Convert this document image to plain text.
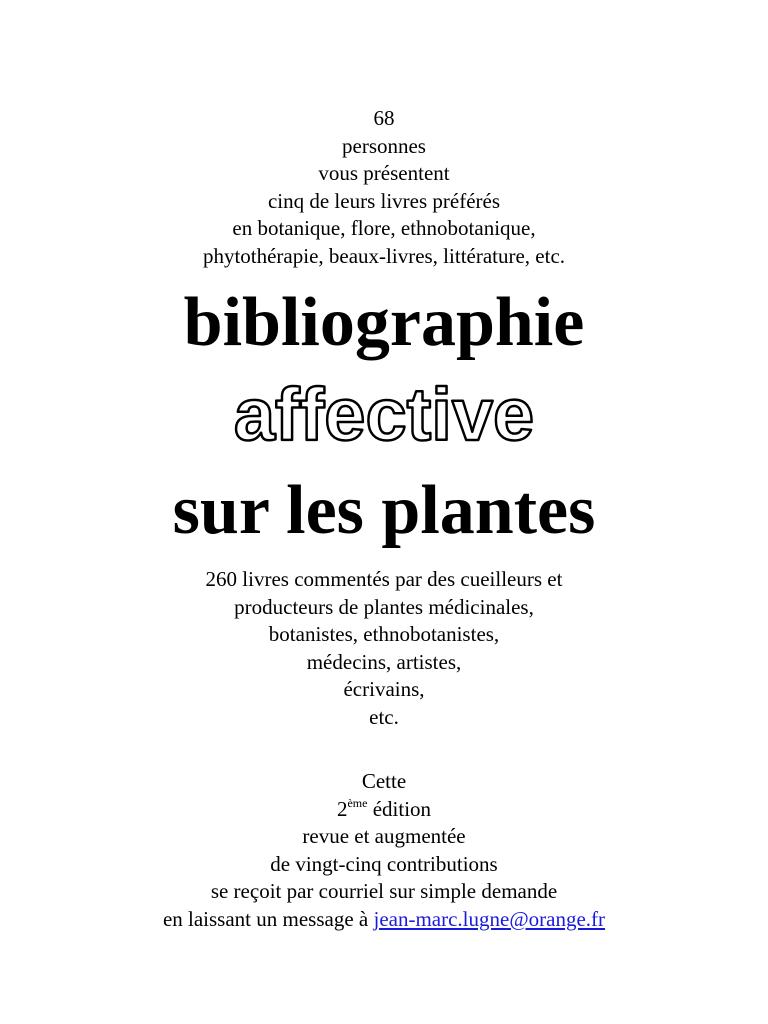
68
personnes
vous présentent
cinq de leurs livres préférés
en botanique, flore, ethnobotanique,
phytothérapie, beaux-livres, littérature, etc.
bibliographie
affective
sur les plantes
260 livres commentés par des cueilleurs et
producteurs de plantes médicinales,
botanistes, ethnobotanistes,
médecins, artistes,
écrivains,
etc.
Cette
2ème édition
revue et augmentée
de vingt-cinq contributions
se reçoit par courriel sur simple demande
en laissant un message à jean-marc.lugne@orange.fr
